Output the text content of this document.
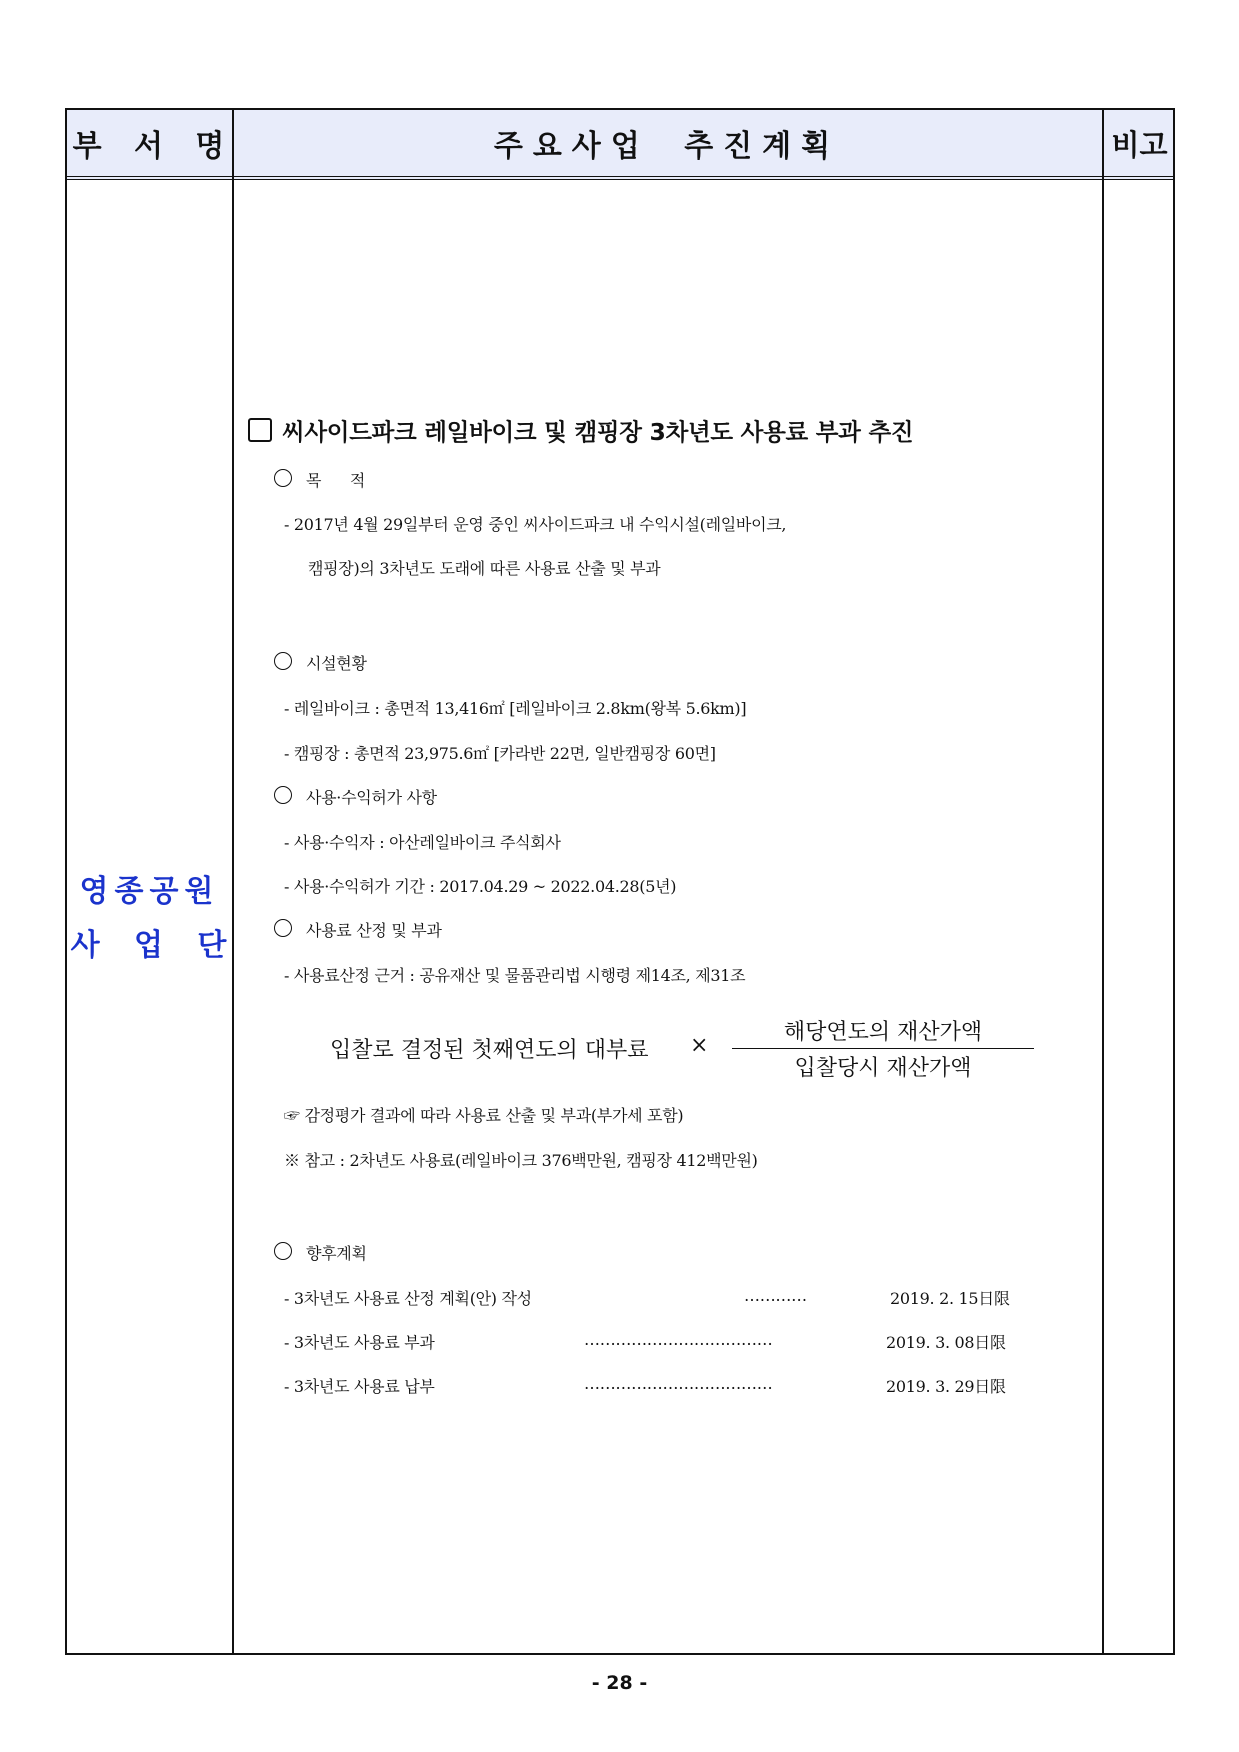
부 서 명	주요사업 추진계획	비고
영종공원
사 업 단
씨사이드파크 레일바이크 및 캠핑장 3차년도 사용료 부과 추진
목      적
- 2017년 4월 29일부터 운영 중인 씨사이드파크 내 수익시설(레일바이크,
캠핑장)의 3차년도 도래에 따른 사용료 산출 및 부과
시설현황
- 레일바이크 : 총면적 13,416㎡ [레일바이크 2.8km(왕복 5.6km)]
- 캠핑장 : 총면적 23,975.6㎡ [카라반 22면, 일반캠핑장 60면]
사용·수익허가 사항
- 사용·수익자 : 아산레일바이크 주식회사
- 사용·수익허가 기간 : 2017.04.29 ~ 2022.04.28(5년)
사용료 산정 및 부과
- 사용료산정 근거 : 공유재산 및 물품관리법 시행령 제14조, 제31조
입찰로 결정된 첫째연도의 대부료 ×
해당연도의 재산가액
입찰당시 재산가액
☞ 감정평가 결과에 따라 사용료 산출 및 부과(부가세 포함)
※ 참고 : 2차년도 사용료(레일바이크 376백만원, 캠핑장 412백만원)
향후계획
- 3차년도 사용료 산정 계획(안) 작성	…………	2019. 2. 15日限
- 3차년도 사용료 부과	………………………………	2019. 3. 08日限
- 3차년도 사용료 납부	………………………………	2019. 3. 29日限
- 28 -
